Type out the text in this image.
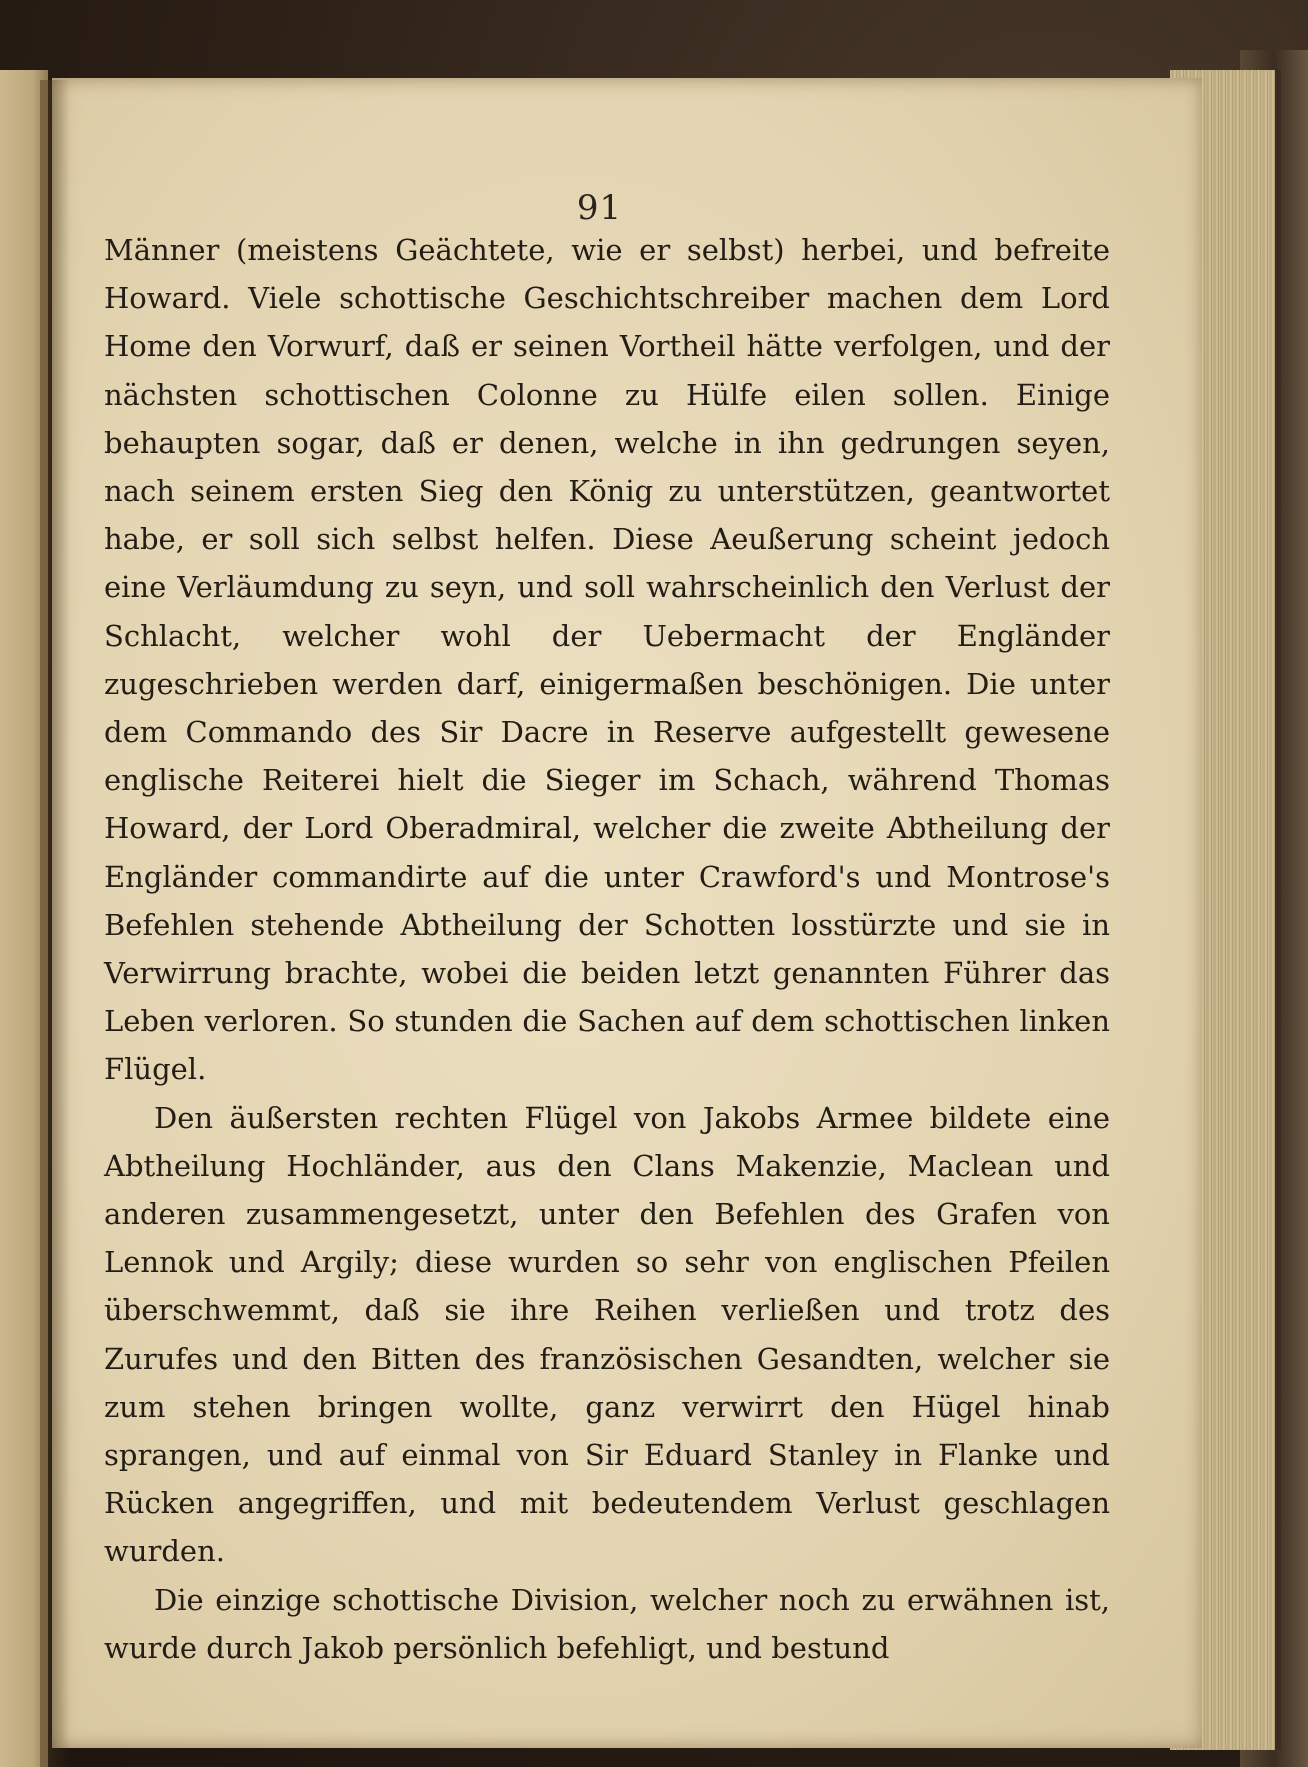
91

Männer (meistens Geächtete, wie er selbst) herbei, und befreite Howard. Viele schottische Geschichtschreiber machen dem Lord Home den Vorwurf, daß er seinen Vortheil hätte verfolgen, und der nächsten schottischen Colonne zu Hülfe eilen sollen. Einige behaupten sogar, daß er denen, welche in ihn gedrungen seyen, nach seinem ersten Sieg den König zu unterstützen, geantwortet habe, er soll sich selbst helfen. Diese Aeußerung scheint jedoch eine Verläumdung zu seyn, und soll wahrscheinlich den Verlust der Schlacht, welcher wohl der Uebermacht der Engländer zugeschrieben werden darf, einigermaßen beschönigen. Die unter dem Commando des Sir Dacre in Reserve aufgestellt gewesene englische Reiterei hielt die Sieger im Schach, während Thomas Howard, der Lord Oberadmiral, welcher die zweite Abtheilung der Engländer commandirte auf die unter Crawford's und Montrose's Befehlen stehende Abtheilung der Schotten losstürzte und sie in Verwirrung brachte, wobei die beiden letzt genannten Führer das Leben verloren. So stunden die Sachen auf dem schottischen linken Flügel.

Den äußersten rechten Flügel von Jakobs Armee bildete eine Abtheilung Hochländer, aus den Clans Makenzie, Maclean und anderen zusammengesetzt, unter den Befehlen des Grafen von Lennok und Argily; diese wurden so sehr von englischen Pfeilen überschwemmt, daß sie ihre Reihen verließen und trotz des Zurufes und den Bitten des französischen Gesandten, welcher sie zum stehen bringen wollte, ganz verwirrt den Hügel hinab sprangen, und auf einmal von Sir Eduard Stanley in Flanke und Rücken angegriffen, und mit bedeutendem Verlust geschlagen wurden.

Die einzige schottische Division, welcher noch zu erwähnen ist, wurde durch Jakob persönlich befehligt, und bestund
